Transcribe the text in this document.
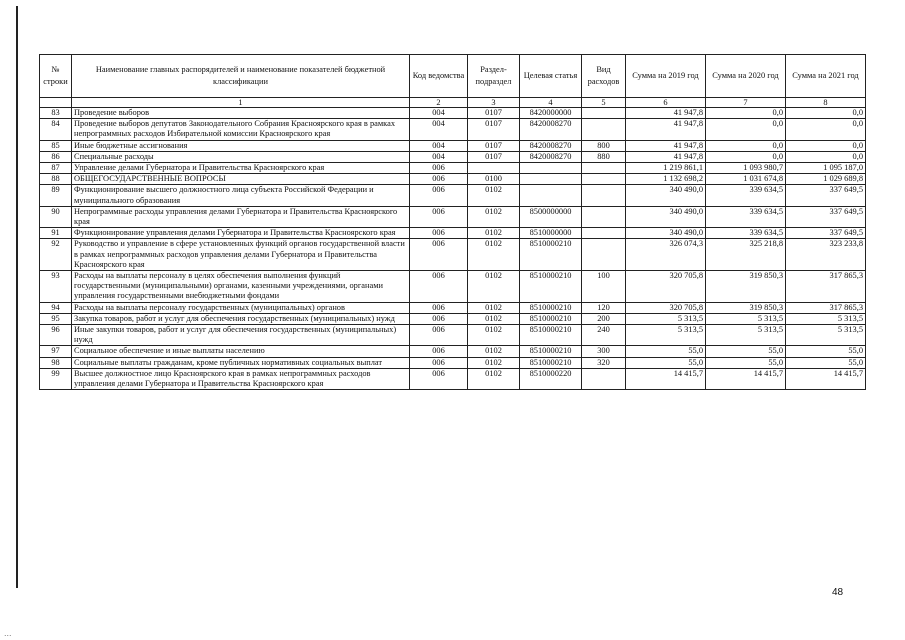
№ строки	Наименование главных распорядителей и наименование показателей бюджетной классификации	Код ведомства	Раздел-подраздел	Целевая статья	Вид расходов	Сумма на 2019 год	Сумма на 2020 год	Сумма на 2021 год
	1	2	3	4	5	6	7	8
83	Проведение выборов	004	0107	8420000000		41 947,8	0,0	0,0
84	Проведение выборов депутатов Законодательного Собрания Красноярского края в рамках непрограммных расходов Избирательной комиссии Красноярского края	004	0107	8420008270		41 947,8	0,0	0,0
85	Иные бюджетные ассигнования	004	0107	8420008270	800	41 947,8	0,0	0,0
86	Специальные расходы	004	0107	8420008270	880	41 947,8	0,0	0,0
87	Управление делами Губернатора и Правительства Красноярского края	006				1 219 861,1	1 093 980,7	1 095 187,0
88	ОБЩЕГОСУДАРСТВЕННЫЕ ВОПРОСЫ	006	0100			1 132 698,2	1 031 674,8	1 029 689,8
89	Функционирование высшего должностного лица субъекта Российской Федерации и муниципального образования	006	0102			340 490,0	339 634,5	337 649,5
90	Непрограммные расходы управления делами Губернатора и Правительства Красноярского края	006	0102	8500000000		340 490,0	339 634,5	337 649,5
91	Функционирование управления делами Губернатора и Правительства Красноярского края	006	0102	8510000000		340 490,0	339 634,5	337 649,5
92	Руководство и управление в сфере установленных функций органов государственной власти в рамках непрограммных расходов управления делами Губернатора и Правительства Красноярского края	006	0102	8510000210		326 074,3	325 218,8	323 233,8
93	Расходы на выплаты персоналу в целях обеспечения выполнения функций государственными (муниципальными) органами, казенными учреждениями, органами управления государственными внебюджетными фондами	006	0102	8510000210	100	320 705,8	319 850,3	317 865,3
94	Расходы на выплаты персоналу государственных (муниципальных) органов	006	0102	8510000210	120	320 705,8	319 850,3	317 865,3
95	Закупка товаров, работ и услуг для обеспечения государственных (муниципальных) нужд	006	0102	8510000210	200	5 313,5	5 313,5	5 313,5
96	Иные закупки товаров, работ и услуг для обеспечения государственных (муниципальных) нужд	006	0102	8510000210	240	5 313,5	5 313,5	5 313,5
97	Социальное обеспечение и иные выплаты населению	006	0102	8510000210	300	55,0	55,0	55,0
98	Социальные выплаты гражданам, кроме публичных нормативных социальных выплат	006	0102	8510000210	320	55,0	55,0	55,0
99	Высшее должностное лицо Красноярского края в рамках непрограммных расходов управления делами Губернатора и Правительства Красноярского края	006	0102	8510000220		14 415,7	14 415,7	14 415,7
48
...
